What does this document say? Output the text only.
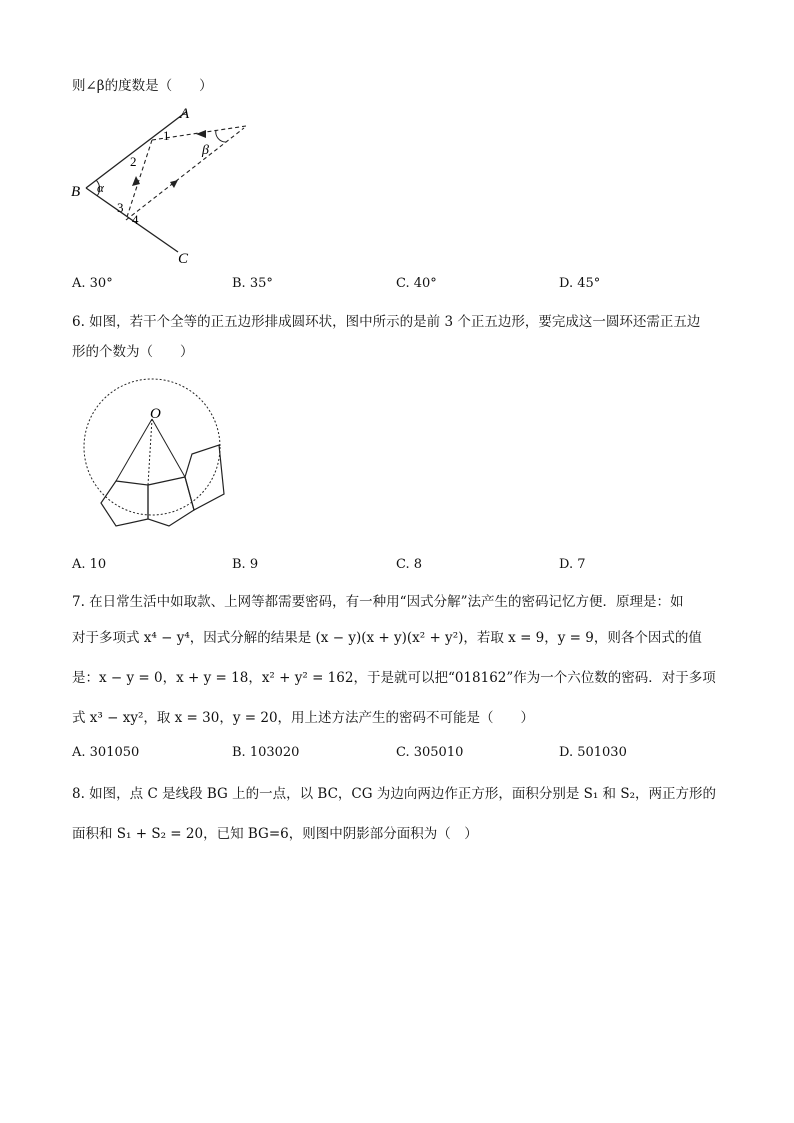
则∠β的度数是（　　）
A
B
C
α
β
1
2
3
4
A. 30°	B. 35°	C. 40°	D. 45°
6. 如图，若干个全等的正五边形排成圆环状，图中所示的是前 3 个正五边形，要完成这一圆环还需正五边
形的个数为（　　）
O
A. 10	B. 9	C. 8	D. 7
7. 在日常生活中如取款、上网等都需要密码，有一种用“因式分解”法产生的密码记忆方便．原理是：如
对于多项式 x⁴ − y⁴，因式分解的结果是 (x − y)(x + y)(x² + y²)，若取 x = 9，y = 9，则各个因式的值
是：x − y = 0，x + y = 18，x² + y² = 162，于是就可以把“018162”作为一个六位数的密码．对于多项
式 x³ − xy²，取 x = 30，y = 20，用上述方法产生的密码不可能是（　　）
A. 301050	B. 103020	C. 305010	D. 501030
8. 如图，点 C 是线段 BG 上的一点，以 BC，CG 为边向两边作正方形，面积分别是 S₁ 和 S₂，两正方形的
面积和 S₁ + S₂ = 20，已知 BG=6，则图中阴影部分面积为（　）
